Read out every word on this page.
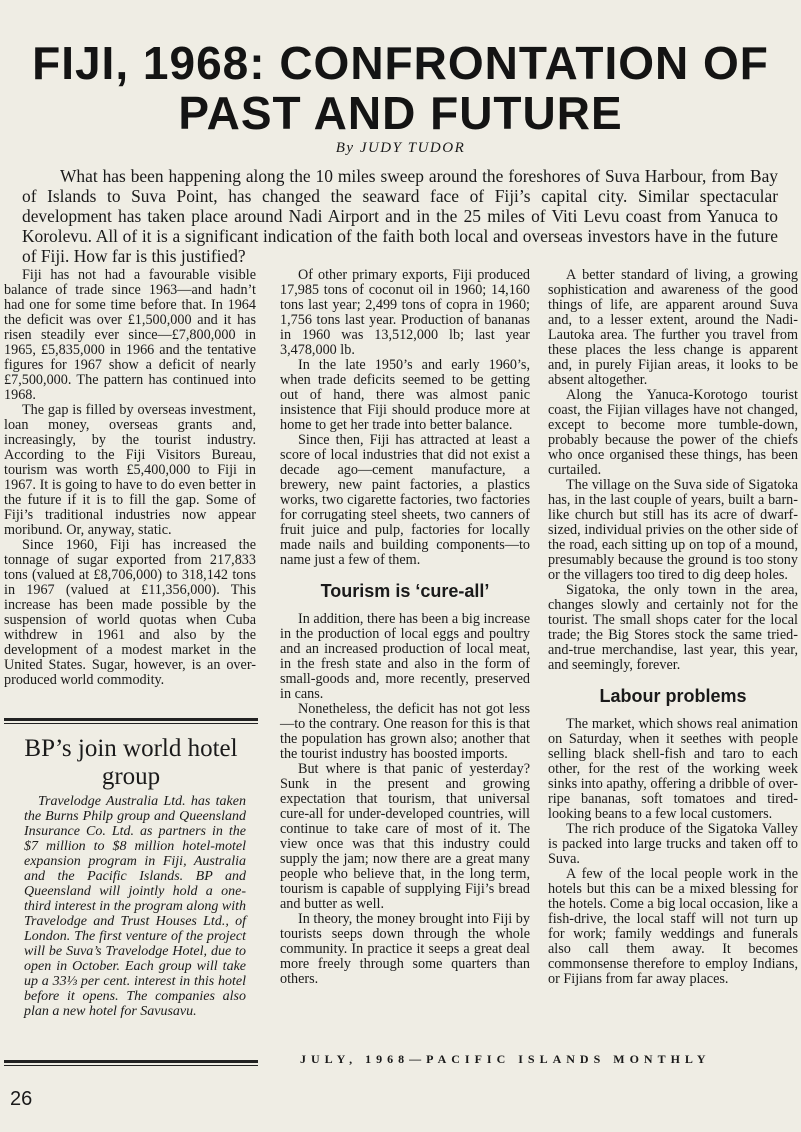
FIJI, 1968: CONFRONTATION OF
PAST AND FUTURE
By JUDY TUDOR

What has been happening along the 10 miles sweep around the foreshores of Suva Harbour, from Bay of Islands to Suva Point, has changed the seaward face of Fiji’s capital city. Similar spectacular development has taken place around Nadi Airport and in the 25 miles of Viti Levu coast from Yanuca to Korolevu. All of it is a significant indication of the faith both local and overseas investors have in the future of Fiji. How far is this justified?

Fiji has not had a favourable visible balance of trade since 1963—and hadn’t had one for some time before that. In 1964 the deficit was over £1,500,000 and it has risen steadily ever since—£7,800,000 in 1965, £5,835,000 in 1966 and the tentative figures for 1967 show a deficit of nearly £7,500,000. The pattern has continued into 1968.

The gap is filled by overseas investment, loan money, overseas grants and, increasingly, by the tourist industry. According to the Fiji Visitors Bureau, tourism was worth £5,400,000 to Fiji in 1967. It is going to have to do even better in the future if it is to fill the gap. Some of Fiji’s traditional industries now appear moribund. Or, anyway, static.

Since 1960, Fiji has increased the tonnage of sugar exported from 217,833 tons (valued at £8,706,000) to 318,142 tons in 1967 (valued at £11,356,000). This increase has been made possible by the suspension of world quotas when Cuba withdrew in 1961 and also by the development of a modest market in the United States. Sugar, however, is an over-produced world commodity.

BP’s join world hotel group

Travelodge Australia Ltd. has taken the Burns Philp group and Queensland Insurance Co. Ltd. as partners in the $7 million to $8 million hotel-motel expansion program in Fiji, Australia and the Pacific Islands. BP and Queensland will jointly hold a one-third interest in the program along with Travelodge and Trust Houses Ltd., of London. The first venture of the project will be Suva’s Travelodge Hotel, due to open in October. Each group will take up a 33⅓ per cent. interest in this hotel before it opens. The companies also plan a new hotel for Savusavu.

Of other primary exports, Fiji produced 17,985 tons of coconut oil in 1960; 14,160 tons last year; 2,499 tons of copra in 1960; 1,756 tons last year. Production of bananas in 1960 was 13,512,000 lb; last year 3,478,000 lb.

In the late 1950’s and early 1960’s, when trade deficits seemed to be getting out of hand, there was almost panic insistence that Fiji should produce more at home to get her trade into better balance.

Since then, Fiji has attracted at least a score of local industries that did not exist a decade ago—cement manufacture, a brewery, new paint factories, a plastics works, two cigarette factories, two factories for corrugating steel sheets, two canners of fruit juice and pulp, factories for locally made nails and building components—to name just a few of them.

Tourism is ‘cure-all’

In addition, there has been a big increase in the production of local eggs and poultry and an increased production of local meat, in the fresh state and also in the form of small-goods and, more recently, preserved in cans.

Nonetheless, the deficit has not got less—to the contrary. One reason for this is that the population has grown also; another that the tourist industry has boosted imports.

But where is that panic of yesterday? Sunk in the present and growing expectation that tourism, that universal cure-all for under-developed countries, will continue to take care of most of it. The view once was that this industry could supply the jam; now there are a great many people who believe that, in the long term, tourism is capable of supplying Fiji’s bread and butter as well.

In theory, the money brought into Fiji by tourists seeps down through the whole community. In practice it seeps a great deal more freely through some quarters than others.

A better standard of living, a growing sophistication and awareness of the good things of life, are apparent around Suva and, to a lesser extent, around the Nadi-Lautoka area. The further you travel from these places the less change is apparent and, in purely Fijian areas, it looks to be absent altogether.

Along the Yanuca-Korotogo tourist coast, the Fijian villages have not changed, except to become more tumble-down, probably because the power of the chiefs who once organised these things, has been curtailed.

The village on the Suva side of Sigatoka has, in the last couple of years, built a barn-like church but still has its acre of dwarf-sized, individual privies on the other side of the road, each sitting up on top of a mound, presumably because the ground is too stony or the villagers too tired to dig deep holes.

Sigatoka, the only town in the area, changes slowly and certainly not for the tourist. The small shops cater for the local trade; the Big Stores stock the same tried-and-true merchandise, last year, this year, and seemingly, forever.

Labour problems

The market, which shows real animation on Saturday, when it seethes with people selling black shell-fish and taro to each other, for the rest of the working week sinks into apathy, offering a dribble of over-ripe bananas, soft tomatoes and tired-looking beans to a few local customers.

The rich produce of the Sigatoka Valley is packed into large trucks and taken off to Suva.

A few of the local people work in the hotels but this can be a mixed blessing for the hotels. Come a big local occasion, like a fish-drive, the local staff will not turn up for work; family weddings and funerals also call them away. It becomes commonsense therefore to employ Indians, or Fijians from far away places.

JULY, 1968—PACIFIC ISLANDS MONTHLY
26
